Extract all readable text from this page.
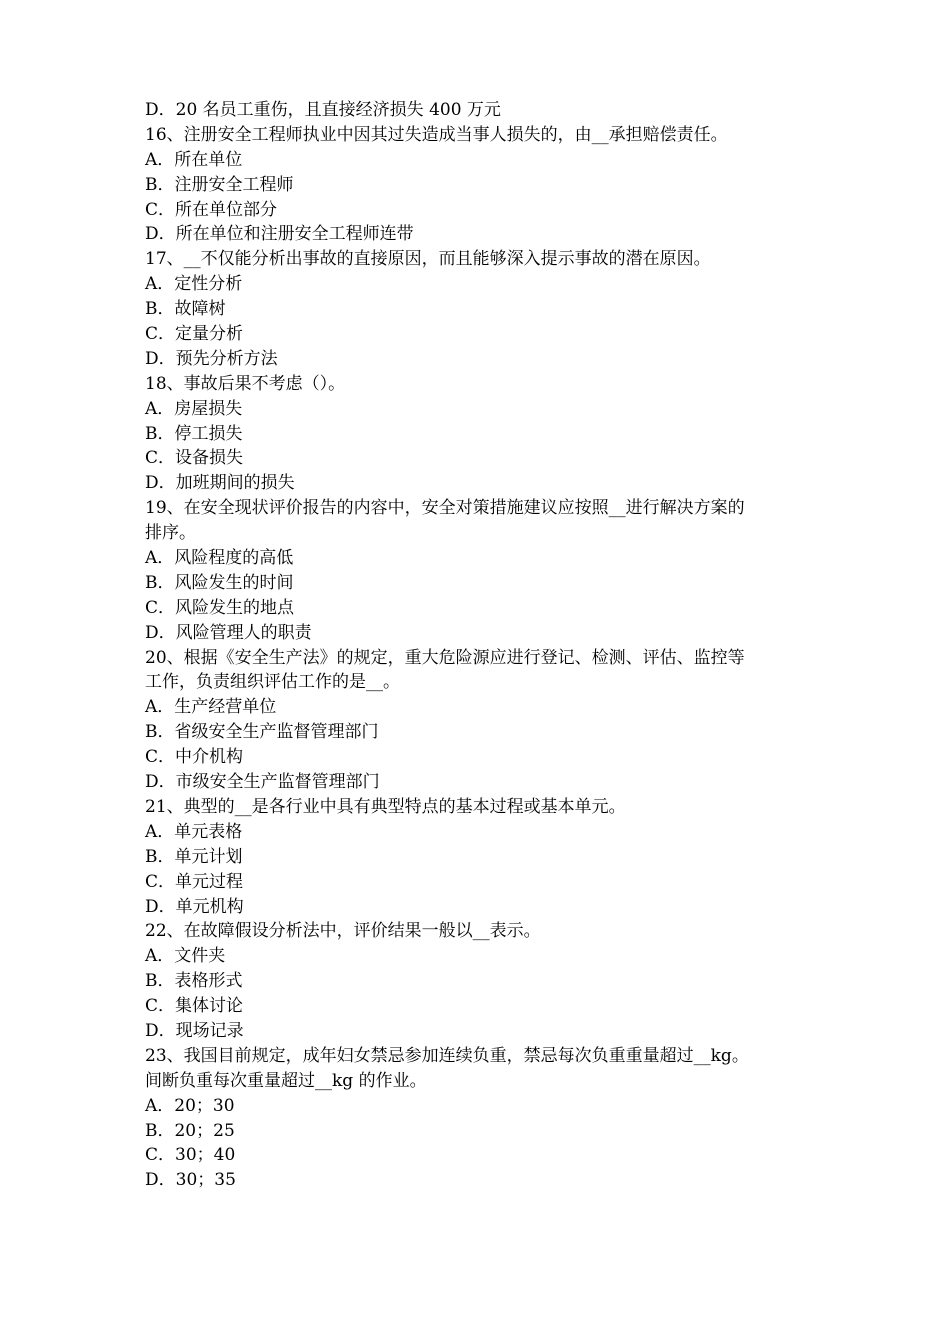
D．20 名员工重伤，且直接经济损失 400 万元
16、注册安全工程师执业中因其过失造成当事人损失的，由__承担赔偿责任。
A．所在单位
B．注册安全工程师
C．所在单位部分
D．所在单位和注册安全工程师连带
17、__不仅能分析出事故的直接原因，而且能够深入提示事故的潜在原因。
A．定性分析
B．故障树
C．定量分析
D．预先分析方法
18、事故后果不考虑（）。
A．房屋损失
B．停工损失
C．设备损失
D．加班期间的损失
19、在安全现状评价报告的内容中，安全对策措施建议应按照__进行解决方案的
排序。
A．风险程度的高低
B．风险发生的时间
C．风险发生的地点
D．风险管理人的职责
20、根据《安全生产法》的规定，重大危险源应进行登记、检测、评估、监控等
工作，负责组织评估工作的是__。
A．生产经营单位
B．省级安全生产监督管理部门
C．中介机构
D．市级安全生产监督管理部门
21、典型的__是各行业中具有典型特点的基本过程或基本单元。
A．单元表格
B．单元计划
C．单元过程
D．单元机构
22、在故障假设分析法中，评价结果一般以__表示。
A．文件夹
B．表格形式
C．集体讨论
D．现场记录
23、我国目前规定，成年妇女禁忌参加连续负重，禁忌每次负重重量超过__kg。
间断负重每次重量超过__kg 的作业。
A．20；30
B．20；25
C．30；40
D．30；35
